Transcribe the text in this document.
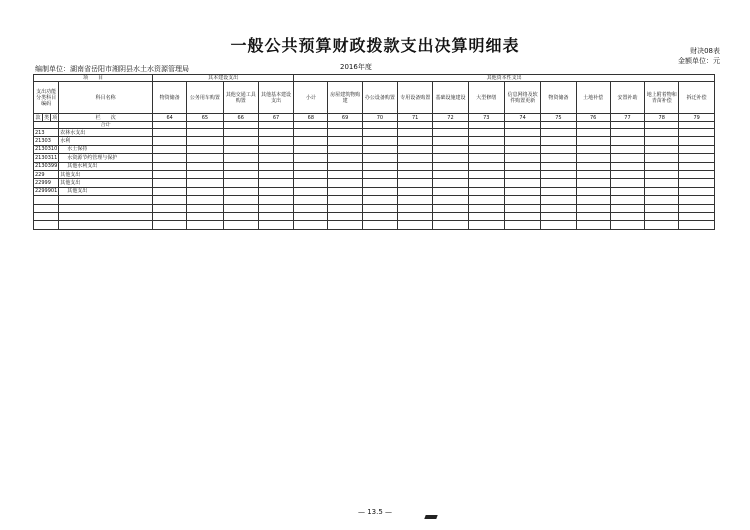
一般公共预算财政拨款支出决算明细表	财决08表
金额单位：元
编制单位：湖南省岳阳市湘阴县水土水资源管理局	2016年度
项　　目				其本建设支出				其他资本性支出											
支出功能分类科目编码			科目名称	物资储备	公务用车购置	其他交通工具购置	其他基本建设支出	小计	房屋建筑物购建	办公设备购置	专用设备购置	基础设施建设	大型修缮	信息网络及软件购置更新	物资储备	土地补偿	安置补助	地上附着物和青苗补偿	拆迁补偿
款	类	项	栏　　次	64	65	66	67	68	69	70	71	72	73	74	75	76	77	78	79
			合计																
213			农林水支出																
21303			水利																
2130310			水土保持																
2130311			水资源节约管理与保护																
2130399			其他水利支出																
229			其他支出																
22999			其他支出																
2299901			其他支出																

— 13.5 —
